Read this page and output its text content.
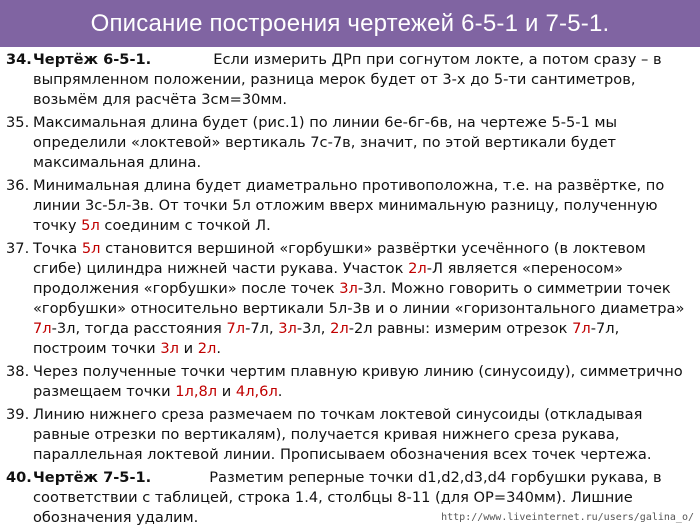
Описание построения чертежей 6-5-1 и 7-5-1.
34. Чертёж 6-5-1.	Если измерить ДРп при согнутом локте, а потом сразу – в выпрямленном положении, разница мерок будет от 3-х до 5-ти сантиметров, возьмём для расчёта 3см=30мм.
35. Максимальная длина будет (рис.1) по линии 6е-6г-6в, на чертеже 5-5-1 мы определили «локтевой» вертикаль 7с-7в, значит, по этой вертикали будет максимальная длина.
36. Минимальная длина будет диаметрально противоположна, т.е. на развёртке, по линии 3с-5л-3в. От точки 5л отложим вверх минимальную разницу, полученную точку 5л соединим с точкой Л.
37. Точка 5л становится вершиной «горбушки» развёртки усечённого (в локтевом сгибе) цилиндра нижней части рукава. Участок 2л-Л является «переносом» продолжения «горбушки» после точек 3л-3л. Можно говорить о симметрии точек «горбушки» относительно вертикали 5л-3в и о линии «горизонтального диаметра» 7л-3л, тогда расстояния 7л-7л, 3л-3л, 2л-2л равны: измерим отрезок 7л-7л, построим точки 3л и 2л.
38. Через полученные точки чертим плавную кривую линию (синусоиду), симметрично размещаем точки 1л,8л и 4л,6л.
39. Линию нижнего среза размечаем по точкам локтевой синусоиды (откладывая равные отрезки по вертикалям), получается кривая нижнего среза рукава, параллельная локтевой линии. Прописываем обозначения всех точек чертежа.
40. Чертёж 7-5-1.	Разметим реперные точки d1,d2,d3,d4 горбушки рукава, в соответствии с таблицей, строка 1.4, столбцы 8-11 (для ОР=340мм). Лишние обозначения удалим.	http://www.liveinternet.ru/users/galina_o/
